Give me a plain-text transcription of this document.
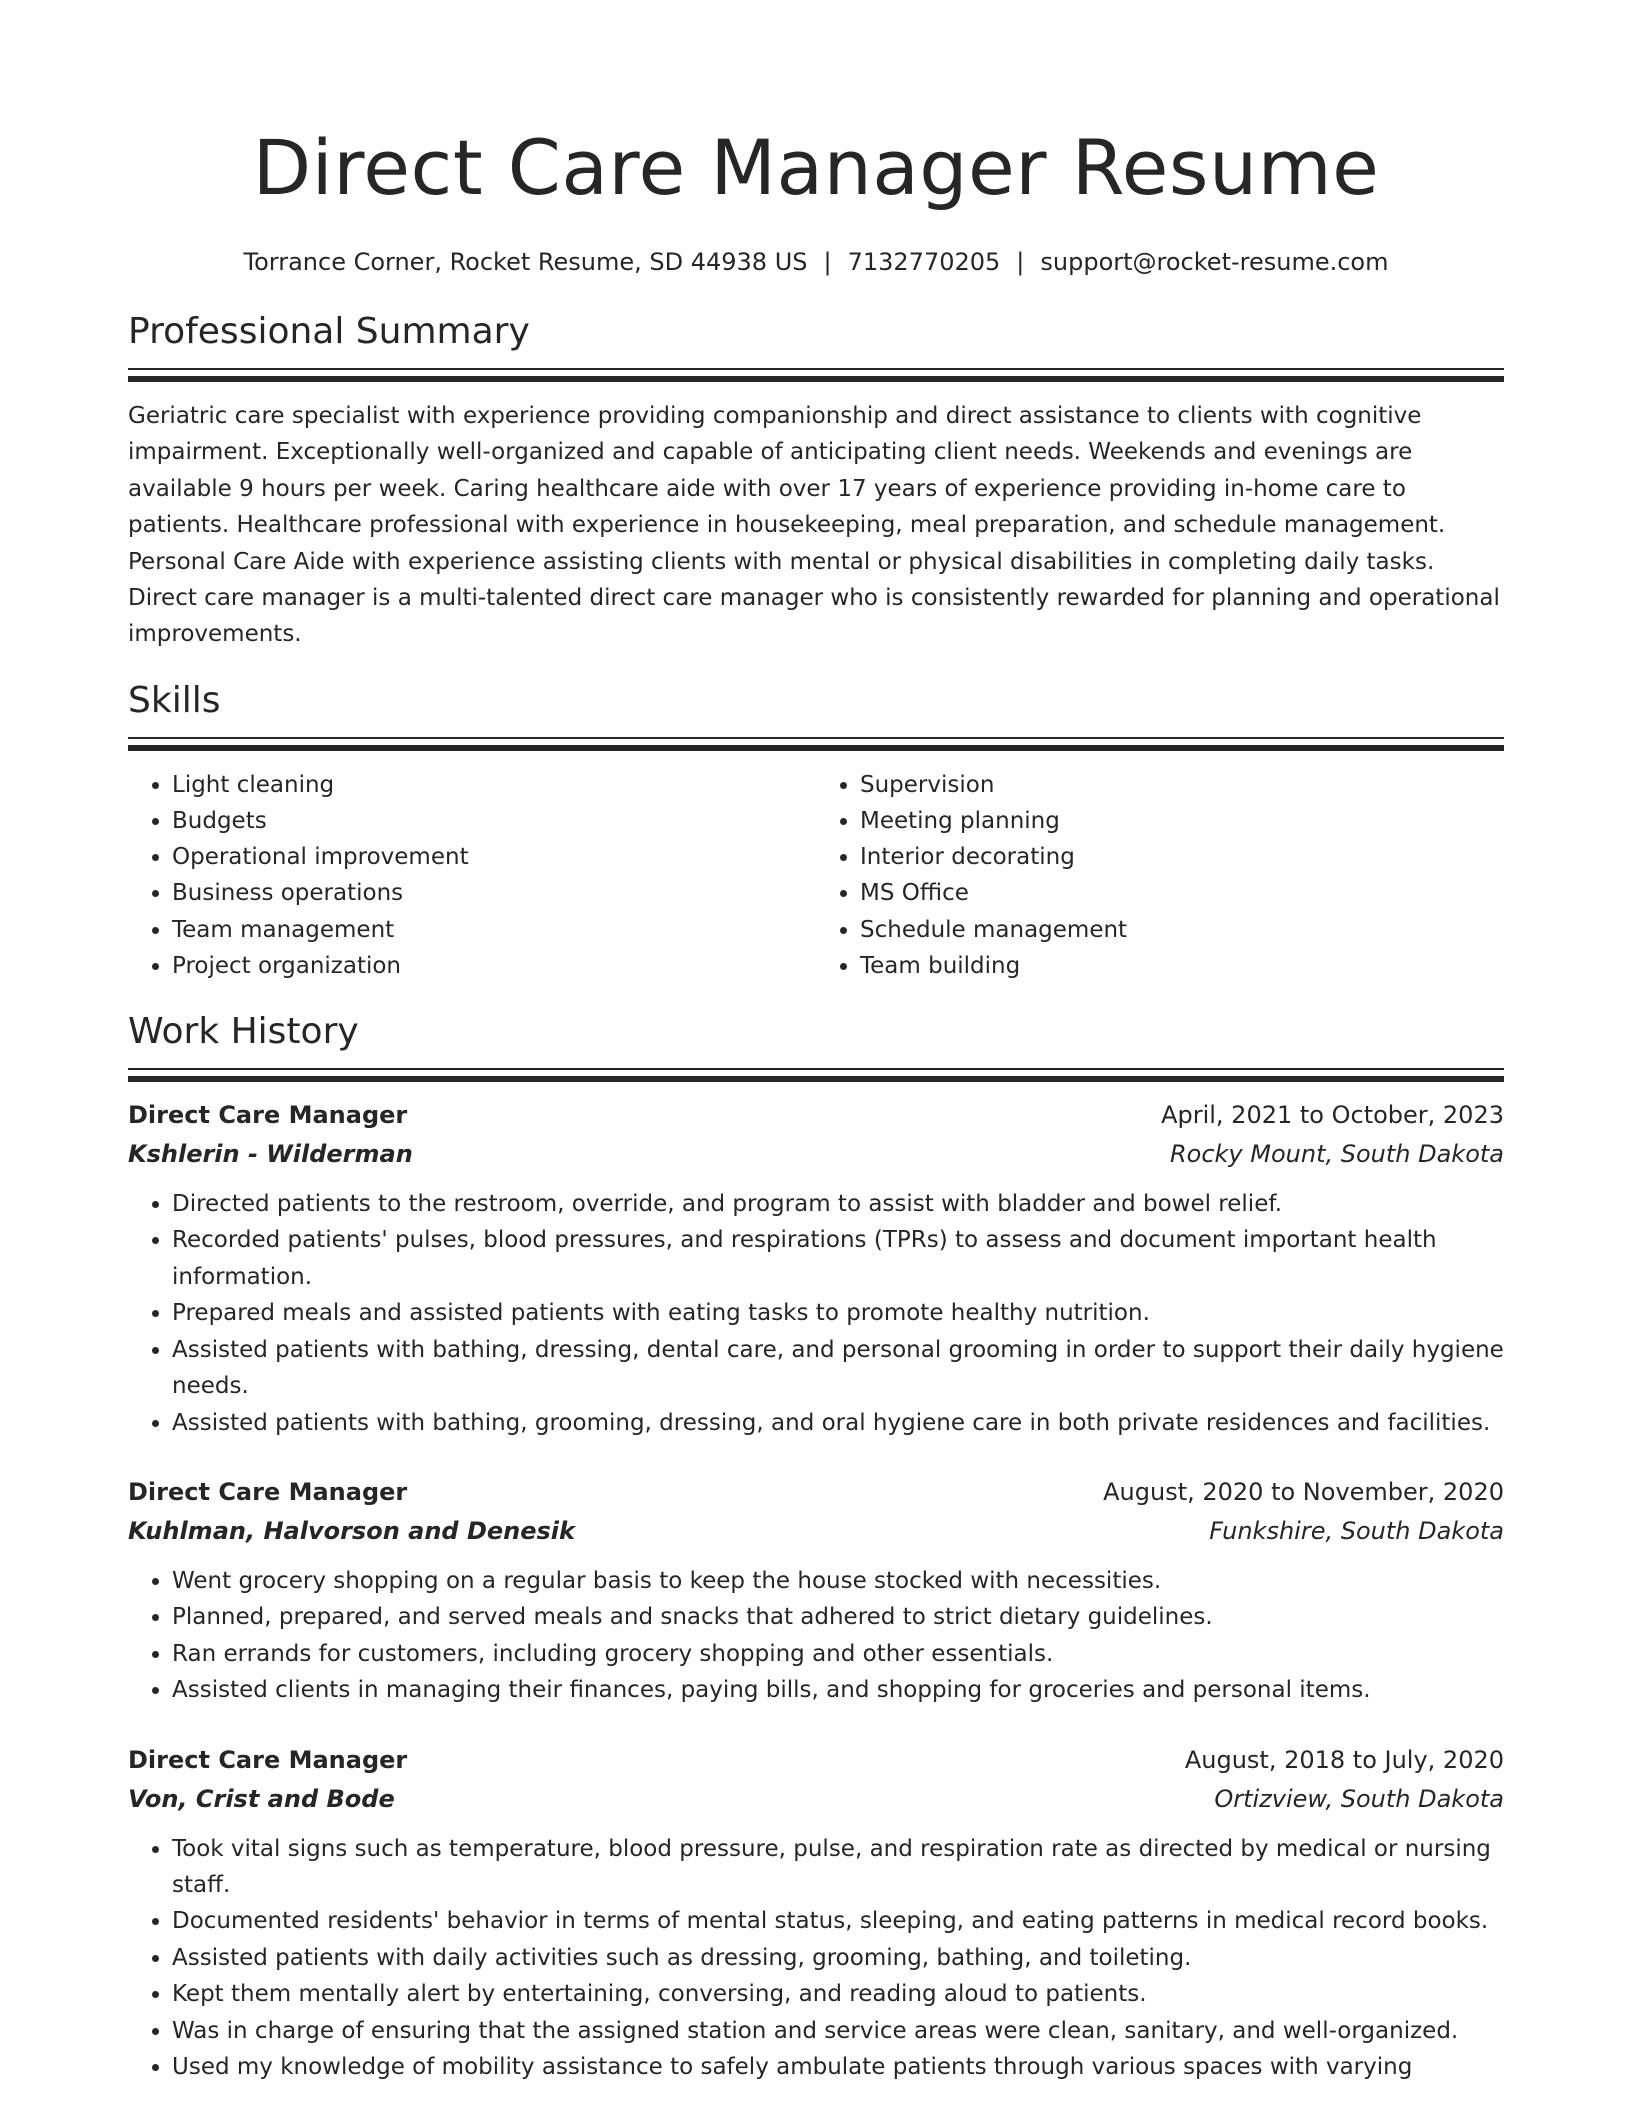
Direct Care Manager Resume
Torrance Corner, Rocket Resume, SD 44938 US | 7132770205 | support@rocket-resume.com
Professional Summary

Geriatric care specialist with experience providing companionship and direct assistance to clients with cognitive impairment. Exceptionally well-organized and capable of anticipating client needs. Weekends and evenings are available 9 hours per week. Caring healthcare aide with over 17 years of experience providing in-home care to patients. Healthcare professional with experience in housekeeping, meal preparation, and schedule management. Personal Care Aide with experience assisting clients with mental or physical disabilities in completing daily tasks. Direct care manager is a multi-talented direct care manager who is consistently rewarded for planning and operational improvements.

Skills
• Light cleaning
• Budgets
• Operational improvement
• Business operations
• Team management
• Project organization
• Supervision
• Meeting planning
• Interior decorating
• MS Office
• Schedule management
• Team building
Work History
Direct Care Manager	April, 2021 to October, 2023
Kshlerin - Wilderman	Rocky Mount, South Dakota
• Directed patients to the restroom, override, and program to assist with bladder and bowel relief.
• Recorded patients' pulses, blood pressures, and respirations (TPRs) to assess and document important health information.
• Prepared meals and assisted patients with eating tasks to promote healthy nutrition.
• Assisted patients with bathing, dressing, dental care, and personal grooming in order to support their daily hygiene needs.
• Assisted patients with bathing, grooming, dressing, and oral hygiene care in both private residences and facilities.
Direct Care Manager	August, 2020 to November, 2020
Kuhlman, Halvorson and Denesik	Funkshire, South Dakota
• Went grocery shopping on a regular basis to keep the house stocked with necessities.
• Planned, prepared, and served meals and snacks that adhered to strict dietary guidelines.
• Ran errands for customers, including grocery shopping and other essentials.
• Assisted clients in managing their finances, paying bills, and shopping for groceries and personal items.
Direct Care Manager	August, 2018 to July, 2020
Von, Crist and Bode	Ortizview, South Dakota
• Took vital signs such as temperature, blood pressure, pulse, and respiration rate as directed by medical or nursing staff.
• Documented residents' behavior in terms of mental status, sleeping, and eating patterns in medical record books.
• Assisted patients with daily activities such as dressing, grooming, bathing, and toileting.
• Kept them mentally alert by entertaining, conversing, and reading aloud to patients.
• Was in charge of ensuring that the assigned station and service areas were clean, sanitary, and well-organized.
• Used my knowledge of mobility assistance to safely ambulate patients through various spaces with varying
